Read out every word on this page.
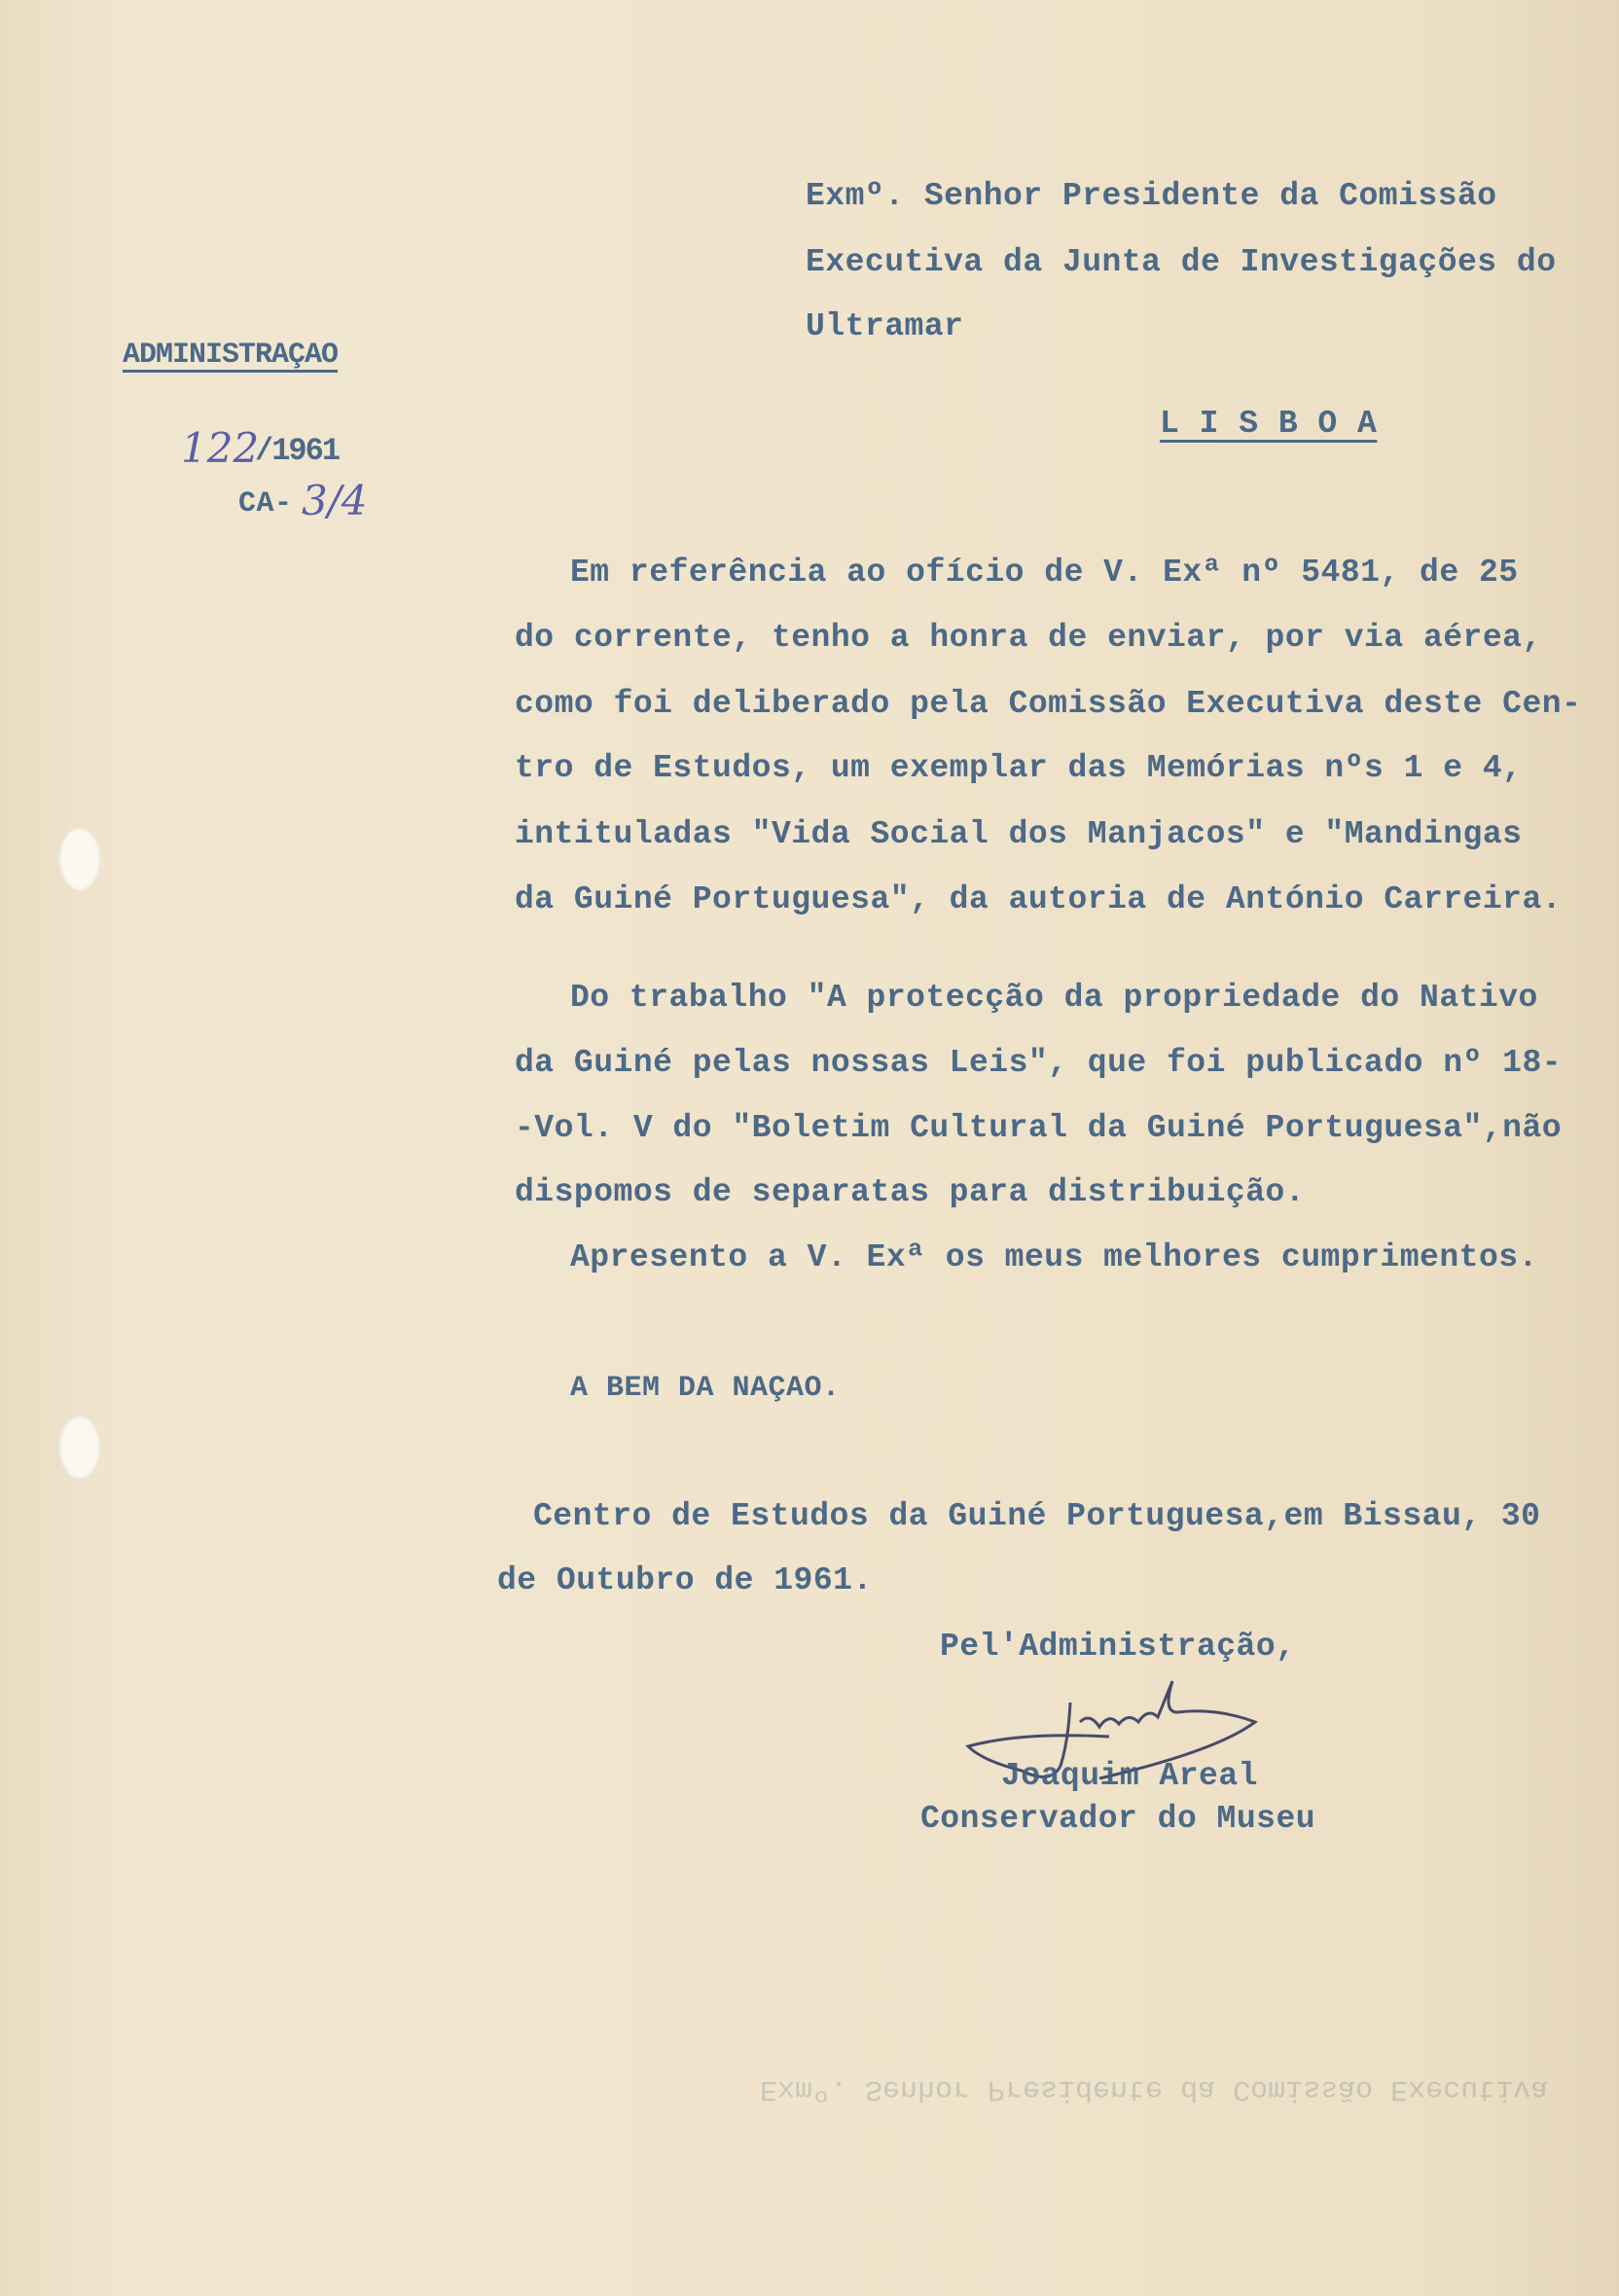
Exmº. Senhor Presidente da Comissão
Executiva da Junta de Investigações do
Ultramar
L I S B O A
ADMINISTRAÇAO
122
/1961
CA- 3/4
Em referência ao ofício de V. Exª nº 5481, de 25
do corrente, tenho a honra de enviar, por via aérea,
como foi deliberado pela Comissão Executiva deste Cen-
tro de Estudos, um exemplar das Memórias nºs 1 e 4,
intituladas "Vida Social dos Manjacos" e "Mandingas
da Guiné Portuguesa", da autoria de António Carreira.
Do trabalho "A protecção da propriedade do Nativo
da Guiné pelas nossas Leis", que foi publicado nº 18-
-Vol. V do "Boletim Cultural da Guiné Portuguesa",não
dispomos de separatas para distribuição.
Apresento a V. Exª os meus melhores cumprimentos.
A BEM DA NAÇAO.
Centro de Estudos da Guiné Portuguesa,em Bissau, 30
de Outubro de 1961.
Pel'Administração,
Joaquim Areal
Conservador do Museu
Exmº. Senhor Presidente da Comissão Executiva
